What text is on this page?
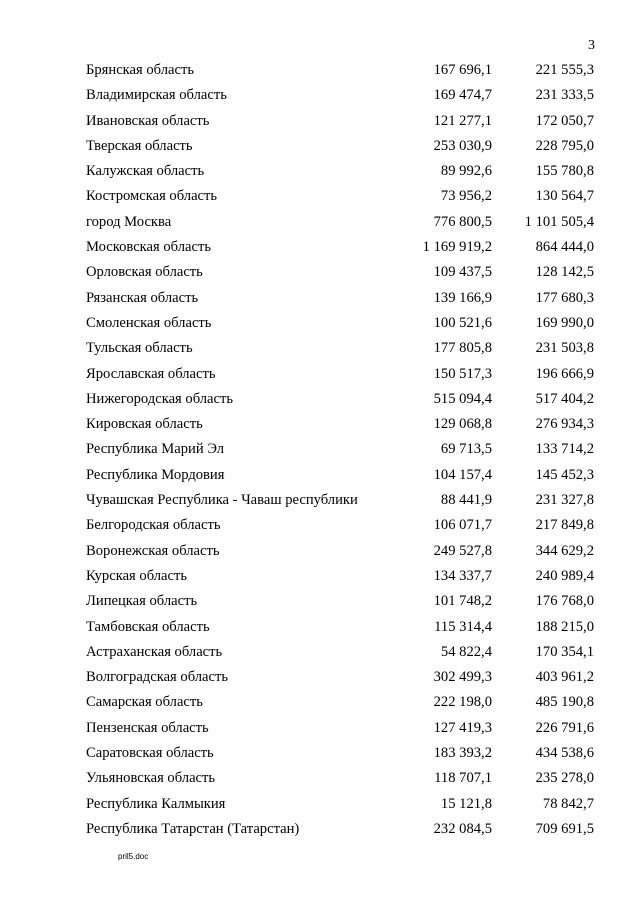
3
Брянская область	167 696,1	221 555,3
Владимирская область	169 474,7	231 333,5
Ивановская область	121 277,1	172 050,7
Тверская область	253 030,9	228 795,0
Калужская область	89 992,6	155 780,8
Костромская область	73 956,2	130 564,7
город Москва	776 800,5	1 101 505,4
Московская область	1 169 919,2	864 444,0
Орловская область	109 437,5	128 142,5
Рязанская область	139 166,9	177 680,3
Смоленская область	100 521,6	169 990,0
Тульская область	177 805,8	231 503,8
Ярославская область	150 517,3	196 666,9
Нижегородская область	515 094,4	517 404,2
Кировская область	129 068,8	276 934,3
Республика Марий Эл	69 713,5	133 714,2
Республика Мордовия	104 157,4	145 452,3
Чувашская Республика - Чаваш республики	88 441,9	231 327,8
Белгородская область	106 071,7	217 849,8
Воронежская область	249 527,8	344 629,2
Курская область	134 337,7	240 989,4
Липецкая область	101 748,2	176 768,0
Тамбовская область	115 314,4	188 215,0
Астраханская область	54 822,4	170 354,1
Волгоградская область	302 499,3	403 961,2
Самарская область	222 198,0	485 190,8
Пензенская область	127 419,3	226 791,6
Саратовская область	183 393,2	434 538,6
Ульяновская область	118 707,1	235 278,0
Республика Калмыкия	15 121,8	78 842,7
Республика Татарстан (Татарстан)	232 084,5	709 691,5
pril5.doc
